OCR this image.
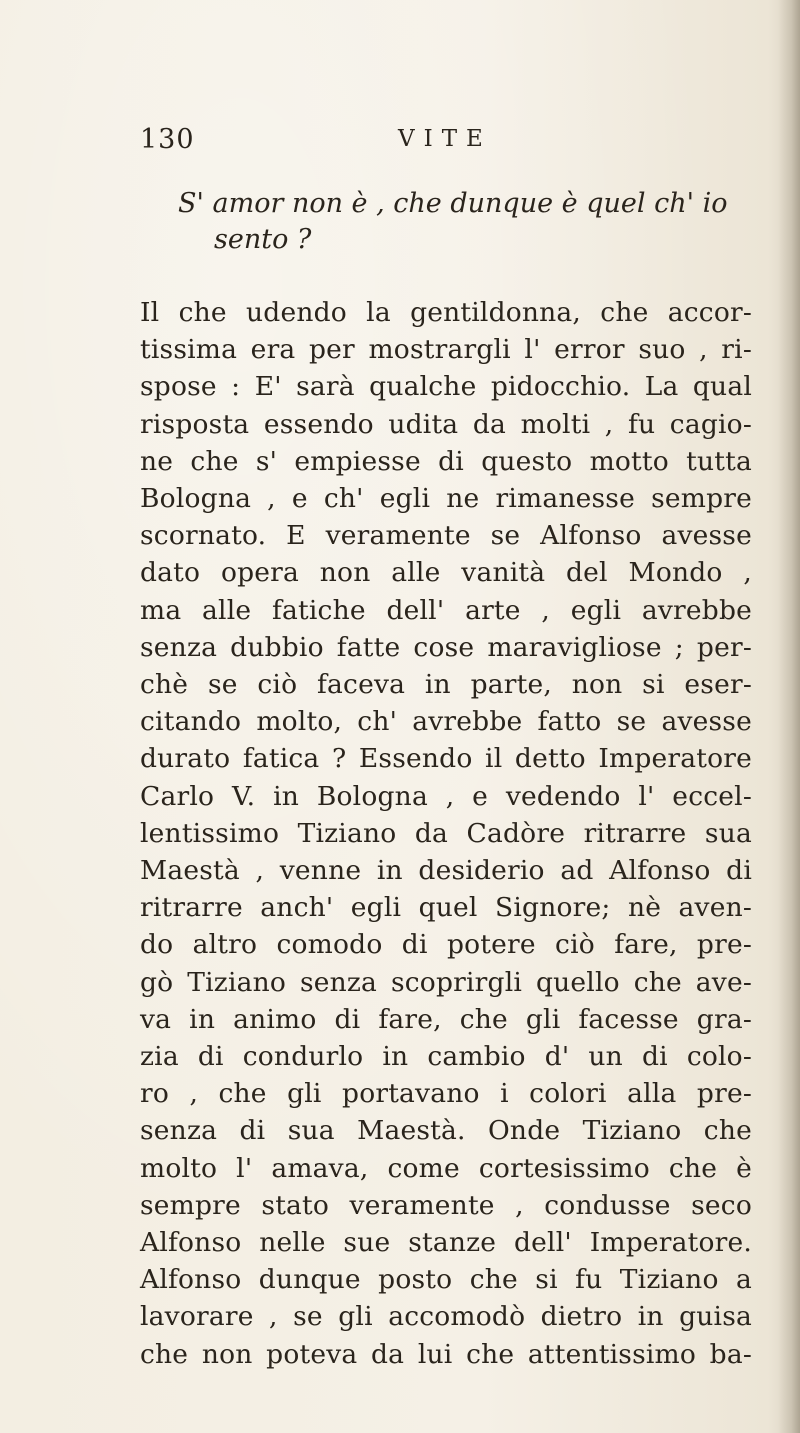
130	VITE
S' amor non è , che dunque è quel ch' io
sento ?
Il che udendo la gentildonna, che accor-
tissima era per mostrargli l' error suo , ri-
spose : E' sarà qualche pidocchio. La qual
risposta essendo udita da molti , fu cagio-
ne che s' empiesse di questo motto tutta
Bologna , e ch' egli ne rimanesse sempre
scornato. E veramente se Alfonso avesse
dato opera non alle vanità del Mondo ,
ma alle fatiche dell' arte , egli avrebbe
senza dubbio fatte cose maravigliose ; per-
chè se ciò faceva in parte, non si eser-
citando molto, ch' avrebbe fatto se avesse
durato fatica ? Essendo il detto Imperatore
Carlo V. in Bologna , e vedendo l' eccel-
lentissimo Tiziano da Cadòre ritrarre sua
Maestà , venne in desiderio ad Alfonso di
ritrarre anch' egli quel Signore; nè aven-
do altro comodo di potere ciò fare, pre-
gò Tiziano senza scoprirgli quello che ave-
va in animo di fare, che gli facesse gra-
zia di condurlo in cambio d' un di colo-
ro , che gli portavano i colori alla pre-
senza di sua Maestà. Onde Tiziano che
molto l' amava, come cortesissimo che è
sempre stato veramente , condusse seco
Alfonso nelle sue stanze dell' Imperatore.
Alfonso dunque posto che si fu Tiziano a
lavorare , se gli accomodò dietro in guisa
che non poteva da lui che attentissimo ba-
